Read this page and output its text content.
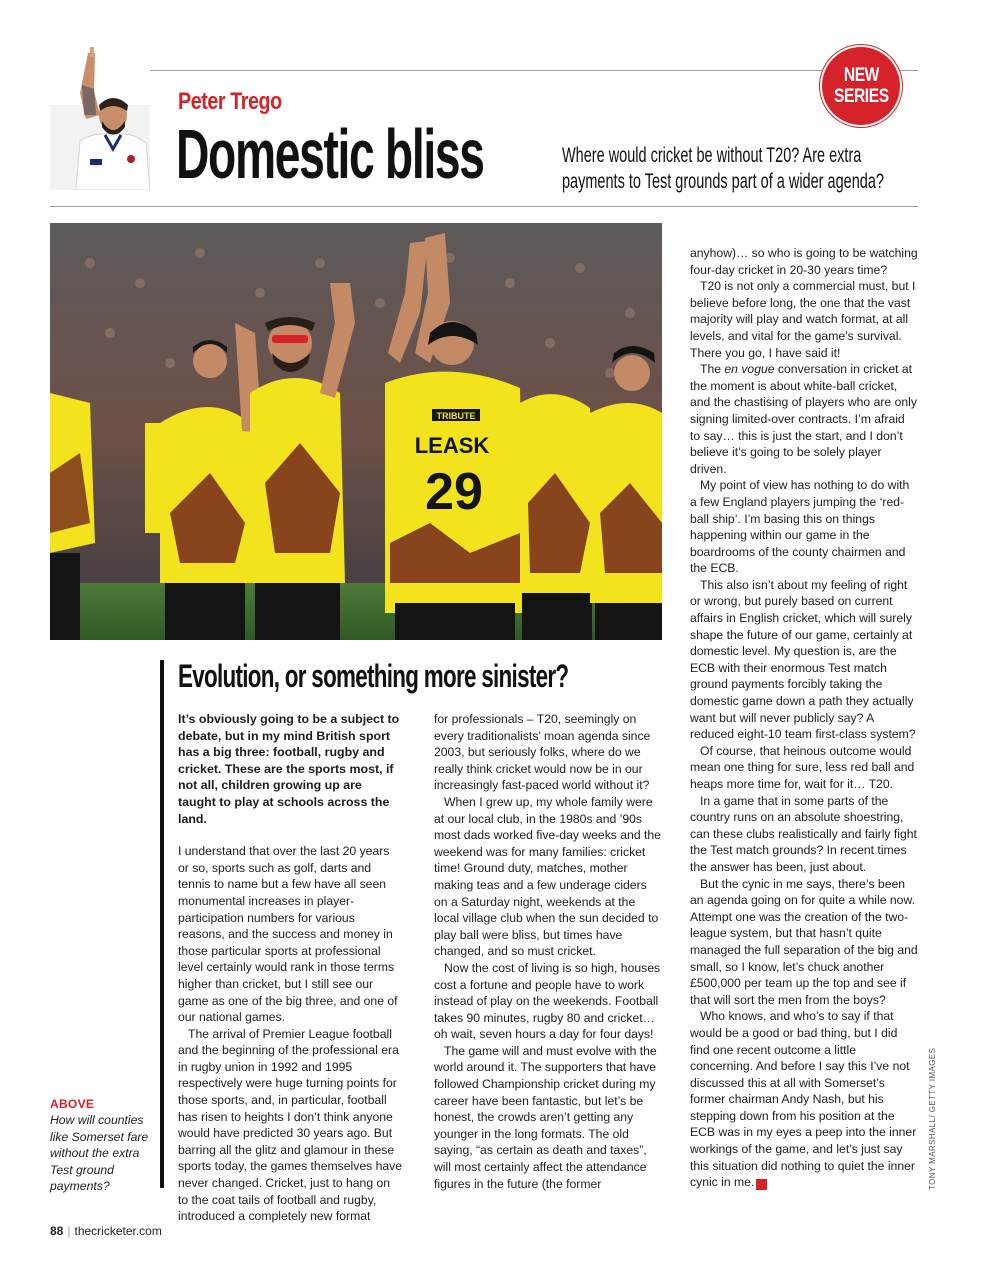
Peter Trego
Domestic bliss	Where would cricket be without T20? Are extra payments to Test grounds part of a wider agenda?
NEW
SERIES
TRIBUTE
LEASK
29
Evolution, or something more sinister?

It’s obviously going to be a subject to debate, but in my mind British sport has a big three: football, rugby and cricket. These are the sports most, if not all, children growing up are taught to play at schools across the land.

I understand that over the last 20 years or so, sports such as golf, darts and tennis to name but a few have all seen monumental increases in player-participation numbers for various reasons, and the success and money in those particular sports at professional level certainly would rank in those terms higher than cricket, but I still see our game as one of the big three, and one of our national games.

The arrival of Premier League football and the beginning of the professional era in rugby union in 1992 and 1995 respectively were huge turning points for those sports, and, in particular, football has risen to heights I don’t think anyone would have predicted 30 years ago. But barring all the glitz and glamour in these sports today, the games themselves have never changed. Cricket, just to hang on to the coat tails of football and rugby, introduced a completely new format

for professionals – T20, seemingly on every traditionalists’ moan agenda since 2003, but seriously folks, where do we really think cricket would now be in our increasingly fast-paced world without it?

When I grew up, my whole family were at our local club, in the 1980s and ’90s most dads worked five-day weeks and the weekend was for many families: cricket time! Ground duty, matches, mother making teas and a few underage ciders on a Saturday night, weekends at the local village club when the sun decided to play ball were bliss, but times have changed, and so must cricket.

Now the cost of living is so high, houses cost a fortune and people have to work instead of play on the weekends. Football takes 90 minutes, rugby 80 and cricket… oh wait, seven hours a day for four days!

The game will and must evolve with the world around it. The supporters that have followed Championship cricket during my career have been fantastic, but let’s be honest, the crowds aren’t getting any younger in the long formats. The old saying, “as certain as death and taxes”, will most certainly affect the attendance figures in the future (the former

anyhow)… so who is going to be watching four-day cricket in 20-30 years time?

T20 is not only a commercial must, but I believe before long, the one that the vast majority will play and watch format, at all levels, and vital for the game’s survival. There you go, I have said it!

The en vogue conversation in cricket at the moment is about white-ball cricket, and the chastising of players who are only signing limited-over contracts. I’m afraid to say… this is just the start, and I don’t believe it’s going to be solely player driven.

My point of view has nothing to do with a few England players jumping the ‘red-ball ship’. I’m basing this on things happening within our game in the boardrooms of the county chairmen and the ECB.

This also isn’t about my feeling of right or wrong, but purely based on current affairs in English cricket, which will surely shape the future of our game, certainly at domestic level. My question is, are the ECB with their enormous Test match ground payments forcibly taking the domestic game down a path they actually want but will never publicly say? A reduced eight-10 team first-class system?

Of course, that heinous outcome would mean one thing for sure, less red ball and heaps more time for, wait for it… T20.

In a game that in some parts of the country runs on an absolute shoestring, can these clubs realistically and fairly fight the Test match grounds? In recent times the answer has been, just about.

But the cynic in me says, there’s been an agenda going on for quite a while now. Attempt one was the creation of the two-league system, but that hasn’t quite managed the full separation of the big and small, so I know, let’s chuck another £500,000 per team up the top and see if that will sort the men from the boys?

Who knows, and who’s to say if that would be a good or bad thing, but I did find one recent outcome a little concerning. And before I say this I’ve not discussed this at all with Somerset’s former chairman Andy Nash, but his stepping down from his position at the ECB was in my eyes a peep into the inner workings of the game, and let’s just say this situation did nothing to quiet the inner cynic in me. ▲

ABOVE
How will counties like Somerset fare without the extra Test ground payments?	TONY MARSHALL/ GETTY IMAGES
88 | thecricketer.com
